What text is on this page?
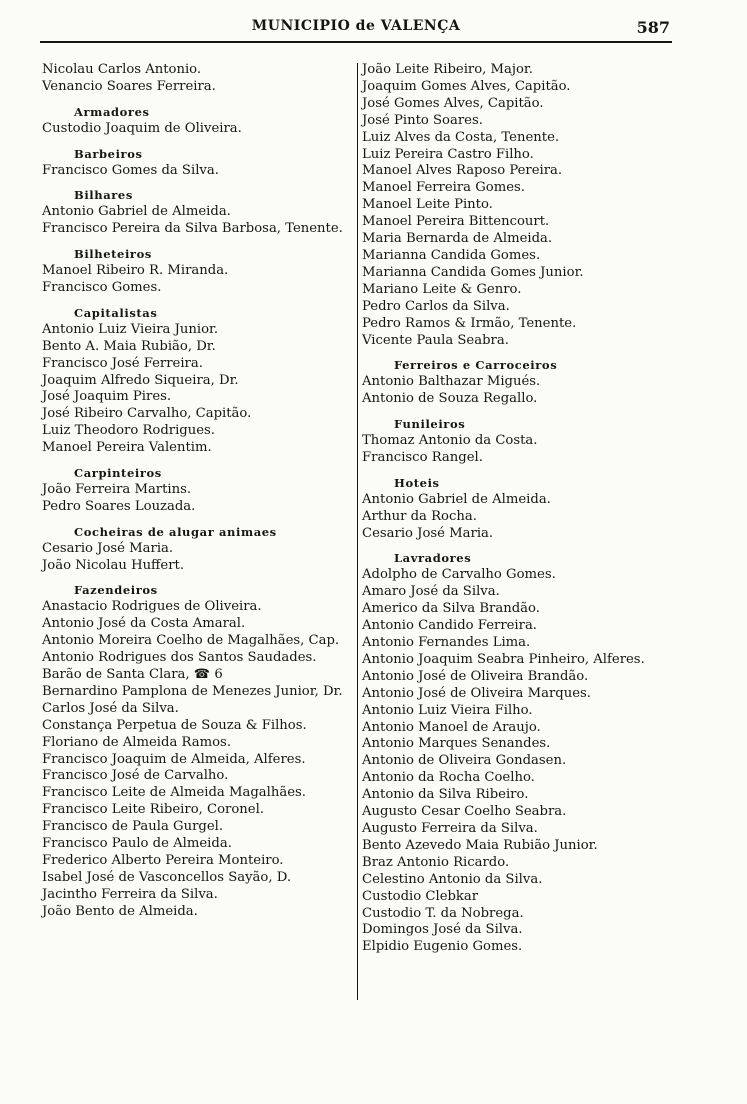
MUNICIPIO de VALENÇA	587

Nicolau Carlos Antonio.

Venancio Soares Ferreira.

Armadores

Custodio Joaquim de Oliveira.

Barbeiros

Francisco Gomes da Silva.

Bilhares

Antonio Gabriel de Almeida.

Francisco Pereira da Silva Barbosa, Tenente.

Bilheteiros

Manoel Ribeiro R. Miranda.

Francisco Gomes.

Capitalistas

Antonio Luiz Vieira Junior.

Bento A. Maia Rubião, Dr.

Francisco José Ferreira.

Joaquim Alfredo Siqueira, Dr.

José Joaquim Pires.

José Ribeiro Carvalho, Capitão.

Luiz Theodoro Rodrigues.

Manoel Pereira Valentim.

Carpinteiros

João Ferreira Martins.

Pedro Soares Louzada.

Cocheiras de alugar animaes

Cesario José Maria.

João Nicolau Huffert.

Fazendeiros

Anastacio Rodrigues de Oliveira.

Antonio José da Costa Amaral.

Antonio Moreira Coelho de Magalhães, Cap.

Antonio Rodrigues dos Santos Saudades.

Barão de Santa Clara, ☎ 6

Bernardino Pamplona de Menezes Junior, Dr.

Carlos José da Silva.

Constança Perpetua de Souza & Filhos.

Floriano de Almeida Ramos.

Francisco Joaquim de Almeida, Alferes.

Francisco José de Carvalho.

Francisco Leite de Almeida Magalhães.

Francisco Leite Ribeiro, Coronel.

Francisco de Paula Gurgel.

Francisco Paulo de Almeida.

Frederico Alberto Pereira Monteiro.

Isabel José de Vasconcellos Sayão, D.

Jacintho Ferreira da Silva.

João Bento de Almeida.

João Leite Ribeiro, Major.

Joaquim Gomes Alves, Capitão.

José Gomes Alves, Capitão.

José Pinto Soares.

Luiz Alves da Costa, Tenente.

Luiz Pereira Castro Filho.

Manoel Alves Raposo Pereira.

Manoel Ferreira Gomes.

Manoel Leite Pinto.

Manoel Pereira Bittencourt.

Maria Bernarda de Almeida.

Marianna Candida Gomes.

Marianna Candida Gomes Junior.

Mariano Leite & Genro.

Pedro Carlos da Silva.

Pedro Ramos & Irmão, Tenente.

Vicente Paula Seabra.

Ferreiros e Carroceiros

Antonio Balthazar Migués.

Antonio de Souza Regallo.

Funileiros

Thomaz Antonio da Costa.

Francisco Rangel.

Hoteis

Antonio Gabriel de Almeida.

Arthur da Rocha.

Cesario José Maria.

Lavradores

Adolpho de Carvalho Gomes.

Amaro José da Silva.

Americo da Silva Brandão.

Antonio Candido Ferreira.

Antonio Fernandes Lima.

Antonio Joaquim Seabra Pinheiro, Alferes.

Antonio José de Oliveira Brandão.

Antonio José de Oliveira Marques.

Antonio Luiz Vieira Filho.

Antonio Manoel de Araujo.

Antonio Marques Senandes.

Antonio de Oliveira Gondasen.

Antonio da Rocha Coelho.

Antonio da Silva Ribeiro.

Augusto Cesar Coelho Seabra.

Augusto Ferreira da Silva.

Bento Azevedo Maia Rubião Junior.

Braz Antonio Ricardo.

Celestino Antonio da Silva.

Custodio Clebkar

Custodio T. da Nobrega.

Domingos José da Silva.

Elpidio Eugenio Gomes.
